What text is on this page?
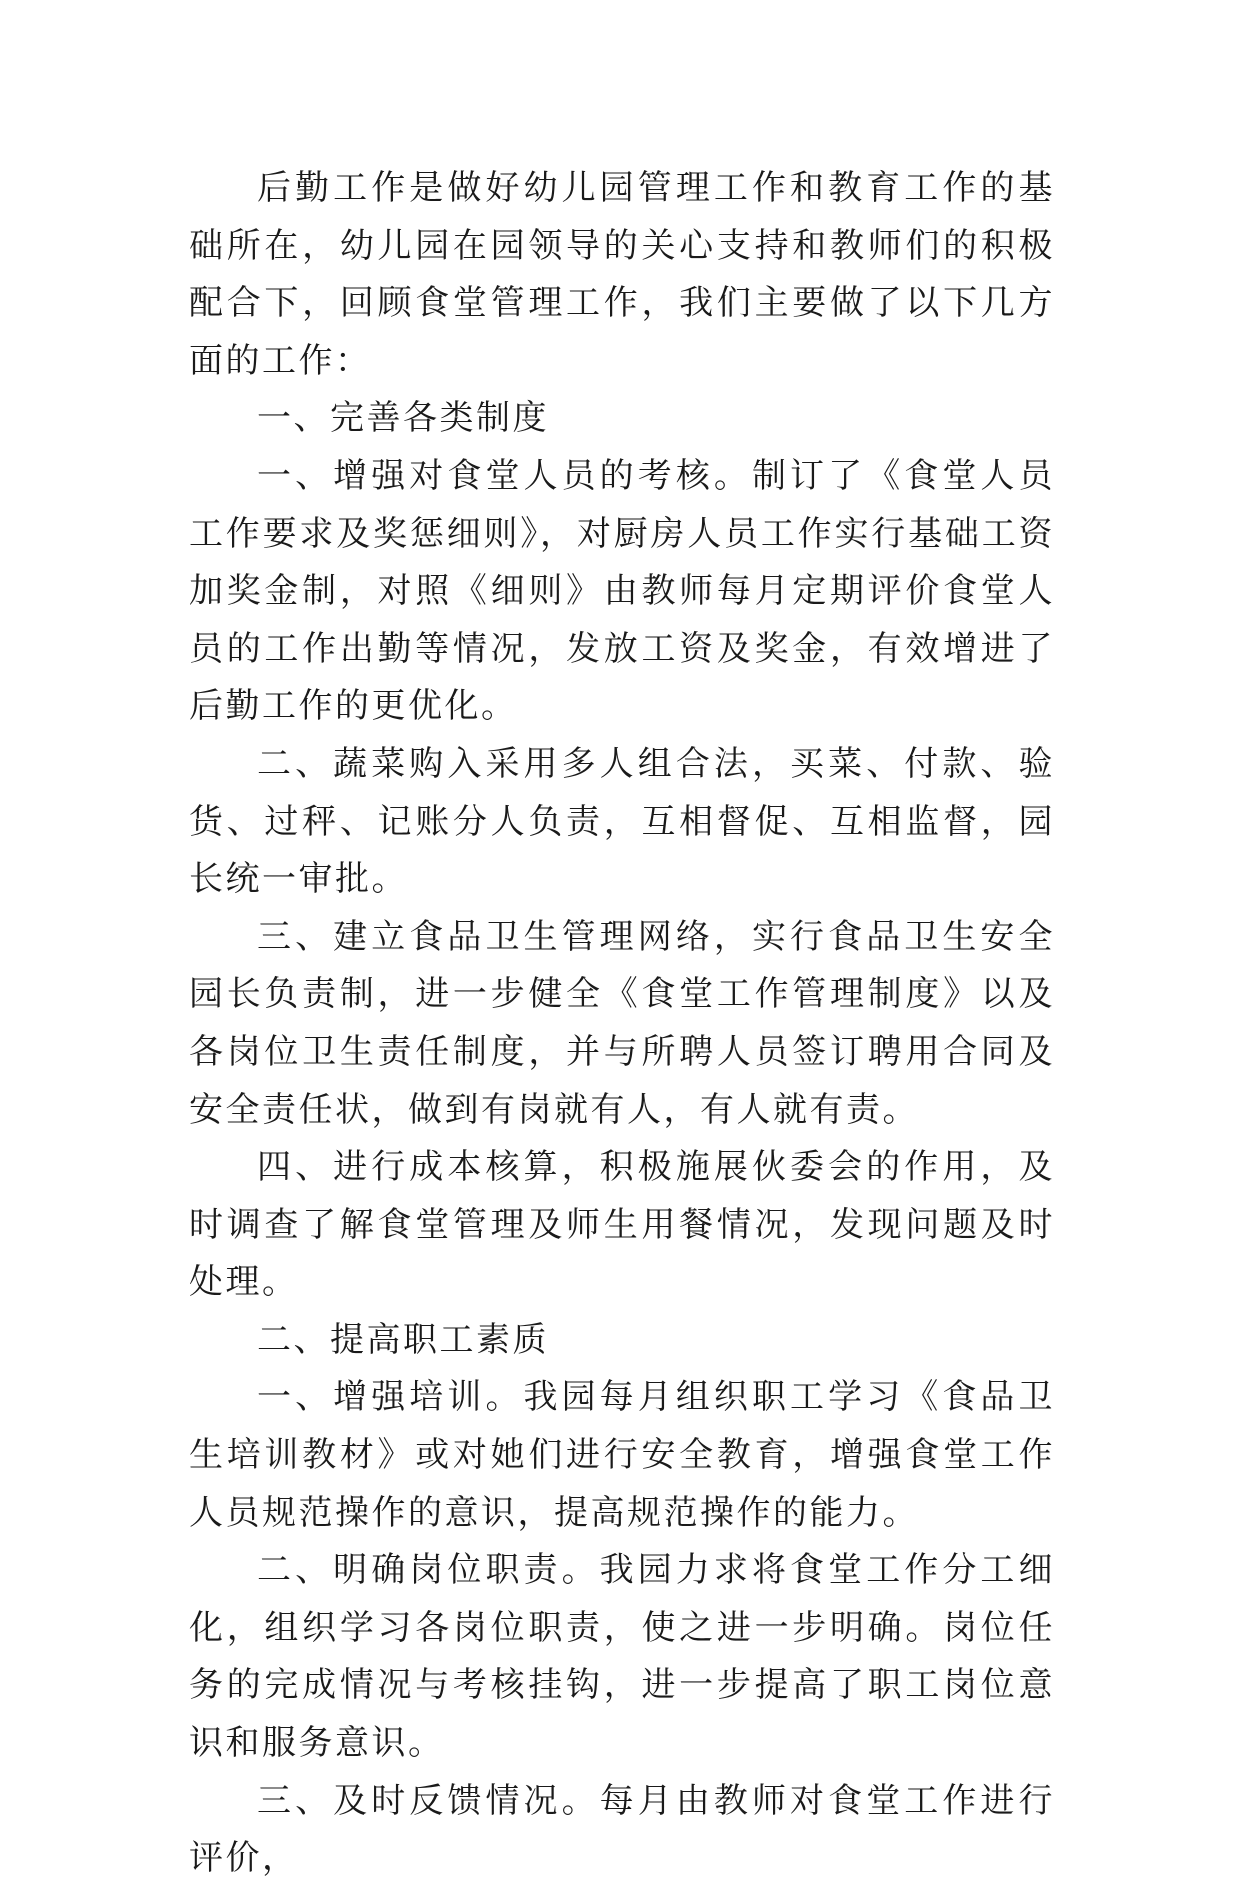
后勤工作是做好幼儿园管理工作和教育工作的基础所在，幼儿园在园领导的关心支持和教师们的积极配合下，回顾食堂管理工作，我们主要做了以下几方面的工作：

一、完善各类制度

一、增强对食堂人员的考核。制订了《食堂人员工作要求及奖惩细则》，对厨房人员工作实行基础工资加奖金制，对照《细则》由教师每月定期评价食堂人员的工作出勤等情况，发放工资及奖金，有效增进了后勤工作的更优化。

二、蔬菜购入采用多人组合法，买菜、付款、验货、过秤、记账分人负责，互相督促、互相监督，园长统一审批。

三、建立食品卫生管理网络，实行食品卫生安全园长负责制，进一步健全《食堂工作管理制度》以及各岗位卫生责任制度，并与所聘人员签订聘用合同及安全责任状，做到有岗就有人，有人就有责。

四、进行成本核算，积极施展伙委会的作用，及时调查了解食堂管理及师生用餐情况，发现问题及时处理。

二、提高职工素质

一、增强培训。我园每月组织职工学习《食品卫生培训教材》或对她们进行安全教育，增强食堂工作人员规范操作的意识，提高规范操作的能力。

二、明确岗位职责。我园力求将食堂工作分工细化，组织学习各岗位职责，使之进一步明确。岗位任务的完成情况与考核挂钩，进一步提高了职工岗位意识和服务意识。

三、及时反馈情况。每月由教师对食堂工作进行评价，
